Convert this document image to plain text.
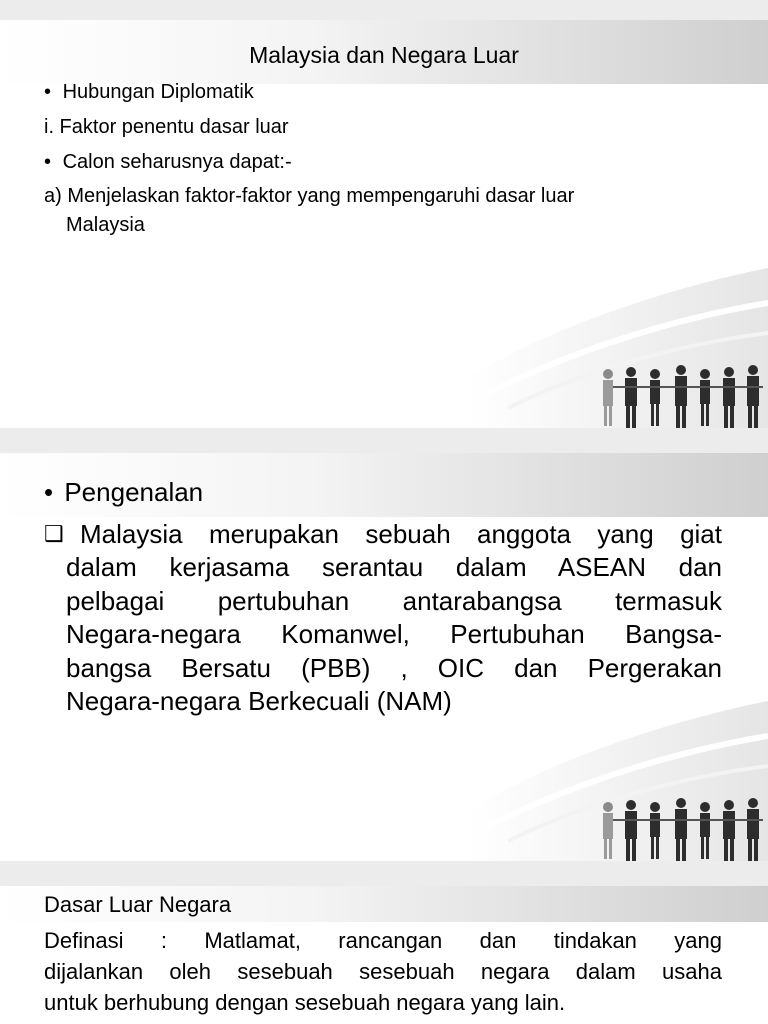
Malaysia dan Negara Luar

• Hubungan Diplomatik

i. Faktor penentu dasar luar

• Calon seharusnya dapat:-

a) Menjelaskan faktor-faktor yang mempengaruhi dasar luar

Malaysia

• Pengenalan

❑ Malaysia merupakan sebuah anggota yang giat

dalam kerjasama serantau dalam ASEAN dan

pelbagai pertubuhan antarabangsa termasuk

Negara-negara Komanwel, Pertubuhan Bangsa-

bangsa Bersatu (PBB) , OIC dan Pergerakan

Negara-negara Berkecuali (NAM)

Dasar Luar Negara

Definasi : Matlamat, rancangan dan tindakan yang

dijalankan oleh sesebuah sesebuah negara dalam usaha

untuk berhubung dengan sesebuah negara yang lain.
